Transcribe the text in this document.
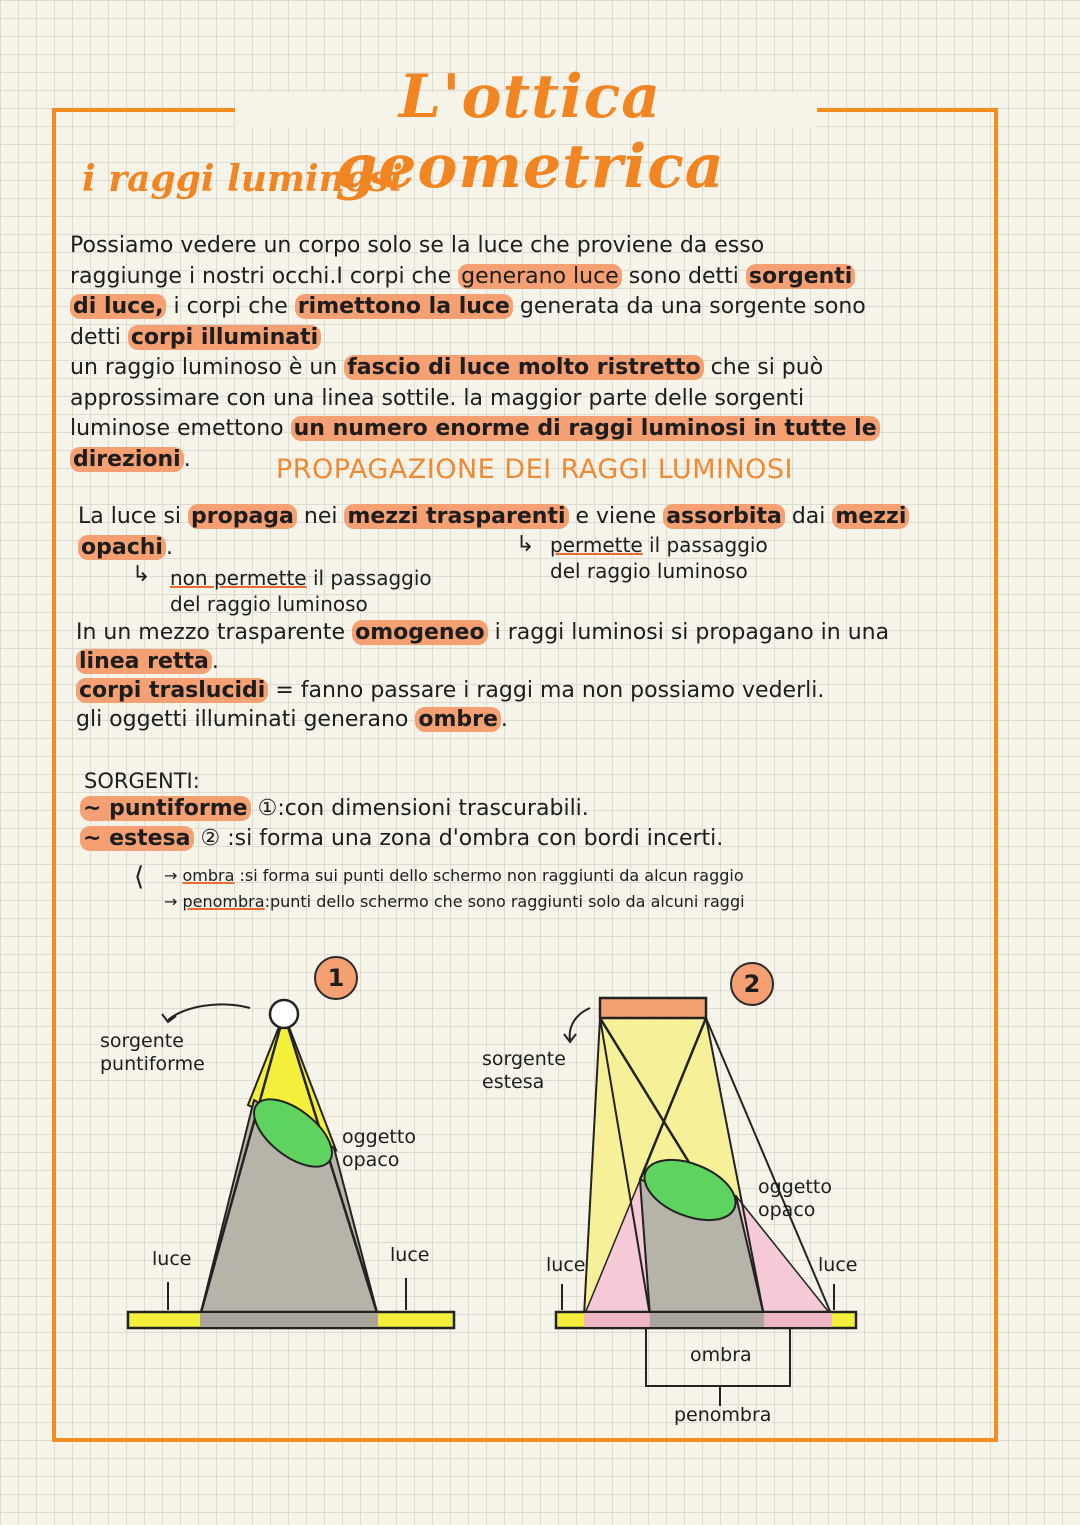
L'ottica geometrica
i raggi luminosi
Possiamo vedere un corpo solo se la luce che proviene da esso
raggiunge i nostri occhi.I corpi che generano luce sono detti sorgenti
di luce, i corpi che rimettono la luce generata da una sorgente sono
detti corpi illuminati
un raggio luminoso è un fascio di luce molto ristretto che si può
approssimare con una linea sottile. la maggior parte delle sorgenti
luminose emettono un numero enorme di raggi luminosi in tutte le
direzioni .	PROPAGAZIONE DEI RAGGI LUMINOSI
La luce si propaga nei mezzi trasparenti e viene assorbita dai mezzi
opachi .	↳ permette il passaggio
del raggio luminoso
↳ non permette il passaggio
del raggio luminoso
In un mezzo trasparente omogeneo i raggi luminosi si propagano in una
linea retta .
corpi traslucidi = fanno passare i raggi ma non possiamo vederli.
gli oggetti illuminati generano ombre .
SORGENTI:
~ puntiforme ①:con dimensioni trascurabili.
~ estesa ② :si forma una zona d'ombra con bordi incerti.
⟨ → ombra :si forma sui punti dello schermo non raggiunti da alcun raggio
→ penombra:punti dello schermo che sono raggiunti solo da alcuni raggi
1	2
sorgente
puntiforme
oggetto
opaco
luce	luce
sorgente
estesa
oggetto
opaco
luce	luce
ombra
penombra
